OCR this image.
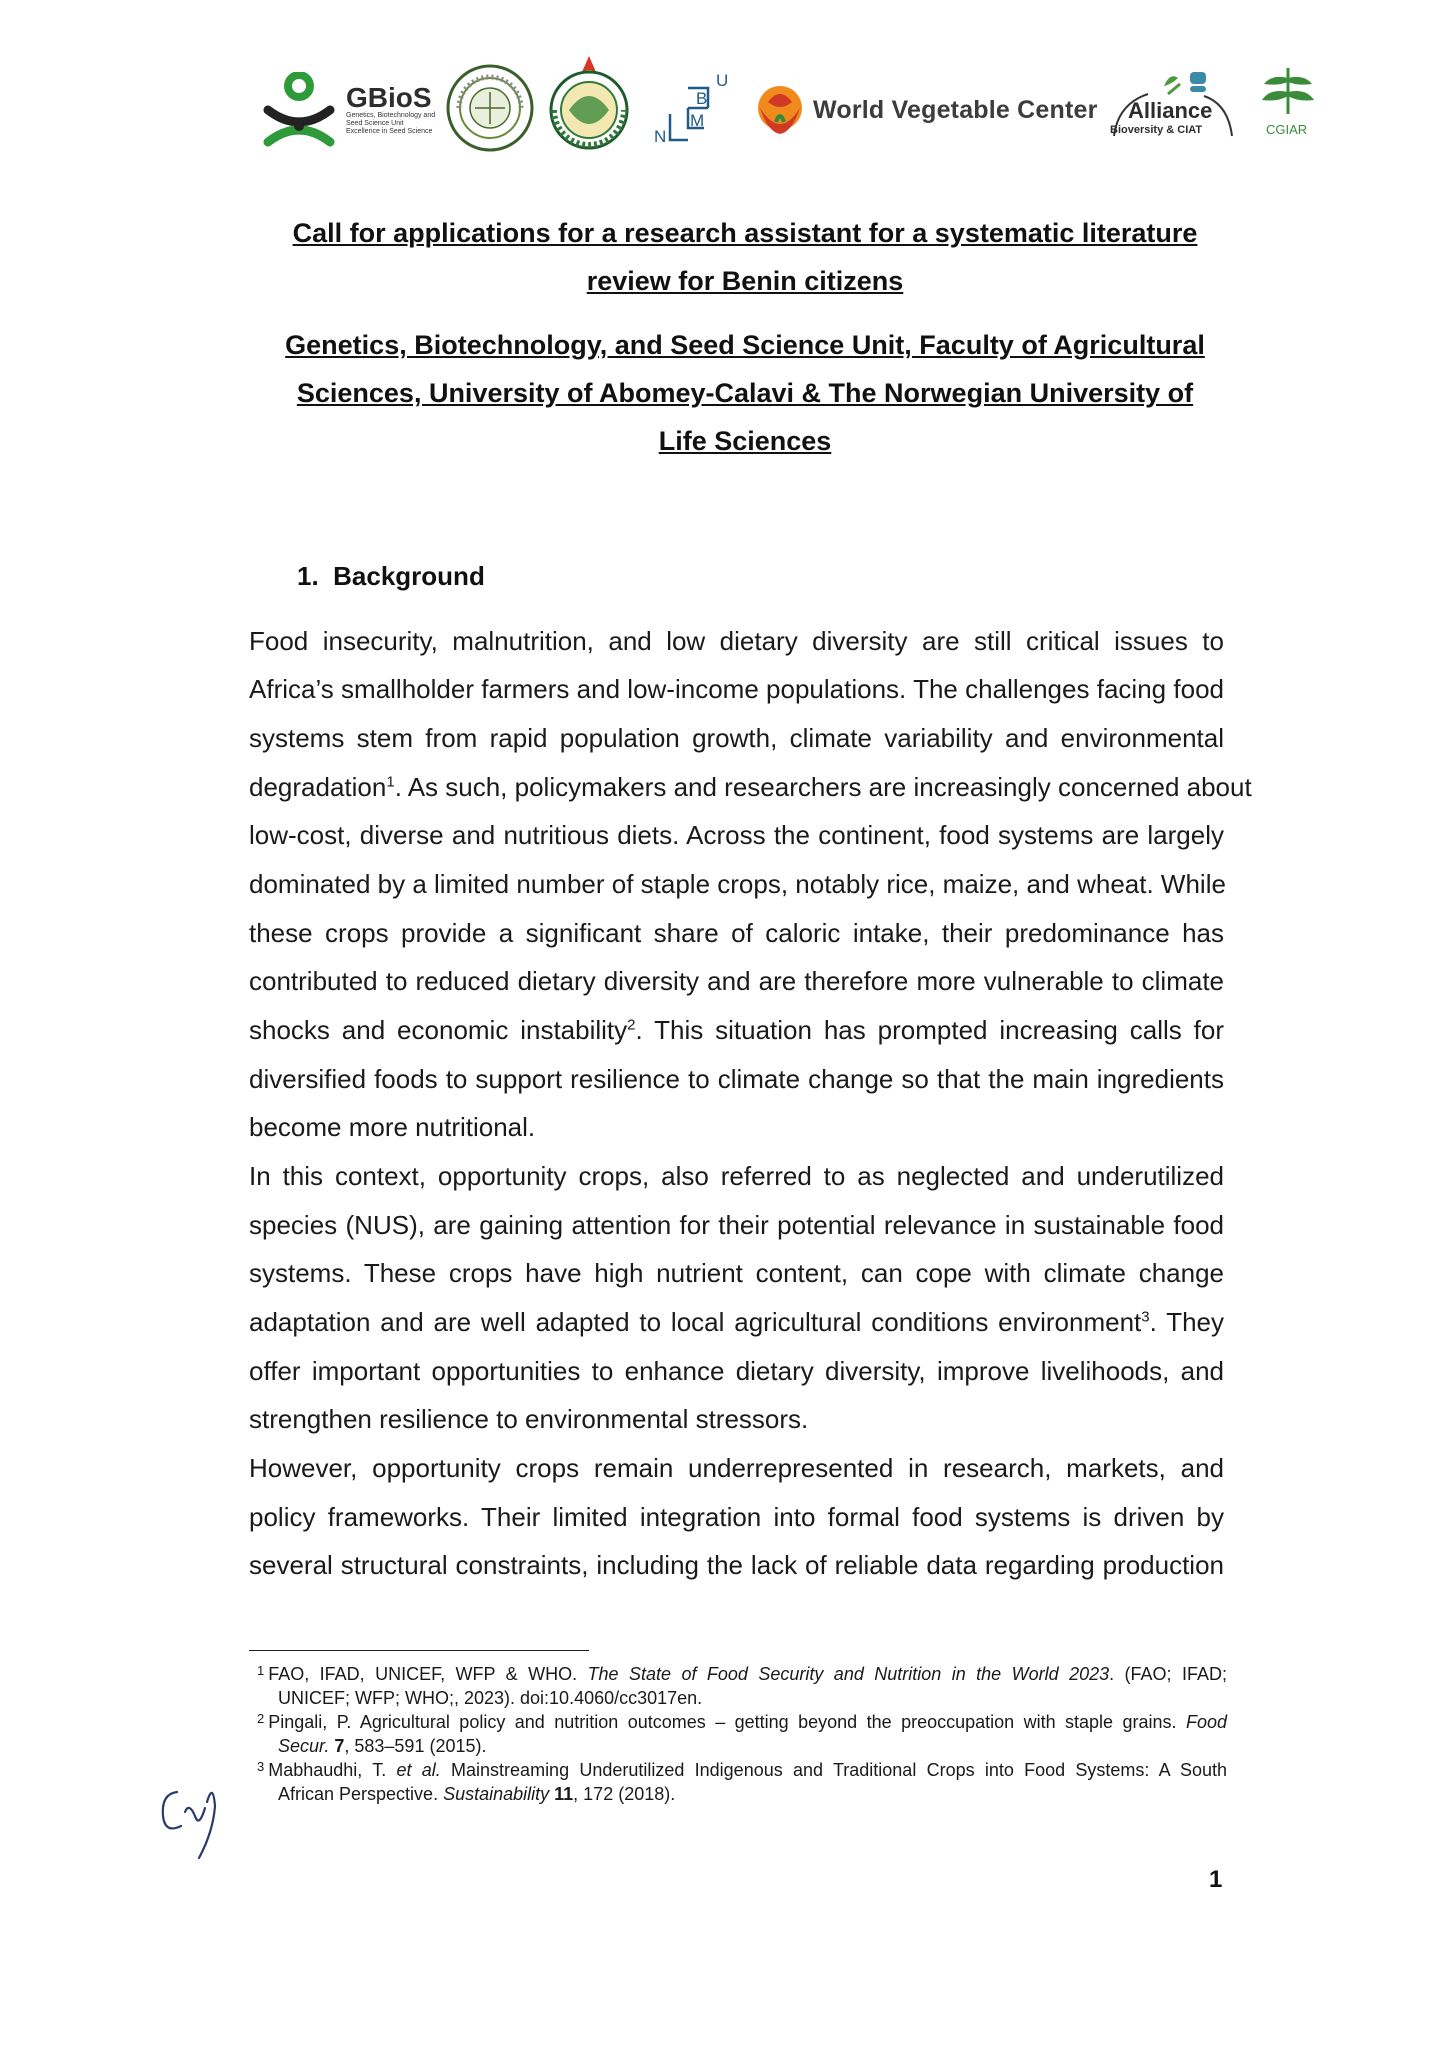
GBioS
Genetics, Biotechnology and Seed Science Unit Excellence in Seed Science	N
M
B
U
World Vegetable Center Alliance
Bioversity & CIAT	CGIAR
Call for applications for a research assistant for a systematic literature
review for Benin citizens
Genetics, Biotechnology, and Seed Science Unit, Faculty of Agricultural
Sciences, University of Abomey-Calavi & The Norwegian University of
Life Sciences
1. Background
Food insecurity, malnutrition, and low dietary diversity are still critical issues to
Africa’s smallholder farmers and low-income populations. The challenges facing food
systems stem from rapid population growth, climate variability and environmental
degradation$^1$. As such, policymakers and researchers are increasingly concerned about
low-cost, diverse and nutritious diets. Across the continent, food systems are largely
dominated by a limited number of staple crops, notably rice, maize, and wheat. While
these crops provide a significant share of caloric intake, their predominance has
contributed to reduced dietary diversity and are therefore more vulnerable to climate
shocks and economic instability$^2$. This situation has prompted increasing calls for
diversified foods to support resilience to climate change so that the main ingredients
become more nutritional.
In this context, opportunity crops, also referred to as neglected and underutilized
species (NUS), are gaining attention for their potential relevance in sustainable food
systems. These crops have high nutrient content, can cope with climate change
adaptation and are well adapted to local agricultural conditions environment$^3$. They
offer important opportunities to enhance dietary diversity, improve livelihoods, and
strengthen resilience to environmental stressors.
However, opportunity crops remain underrepresented in research, markets, and
policy frameworks. Their limited integration into formal food systems is driven by
several structural constraints, including the lack of reliable data regarding production
$^1$ FAO, IFAD, UNICEF, WFP & WHO. The State of Food Security and Nutrition in the World 2023. (FAO; IFAD;
UNICEF; WFP; WHO;, 2023). doi:10.4060/cc3017en.
$^2$ Pingali, P. Agricultural policy and nutrition outcomes – getting beyond the preoccupation with staple grains. Food
Secur. 7, 583–591 (2015).
$^3$ Mabhaudhi, T. et al. Mainstreaming Underutilized Indigenous and Traditional Crops into Food Systems: A South
African Perspective. Sustainability 11, 172 (2018).
1
